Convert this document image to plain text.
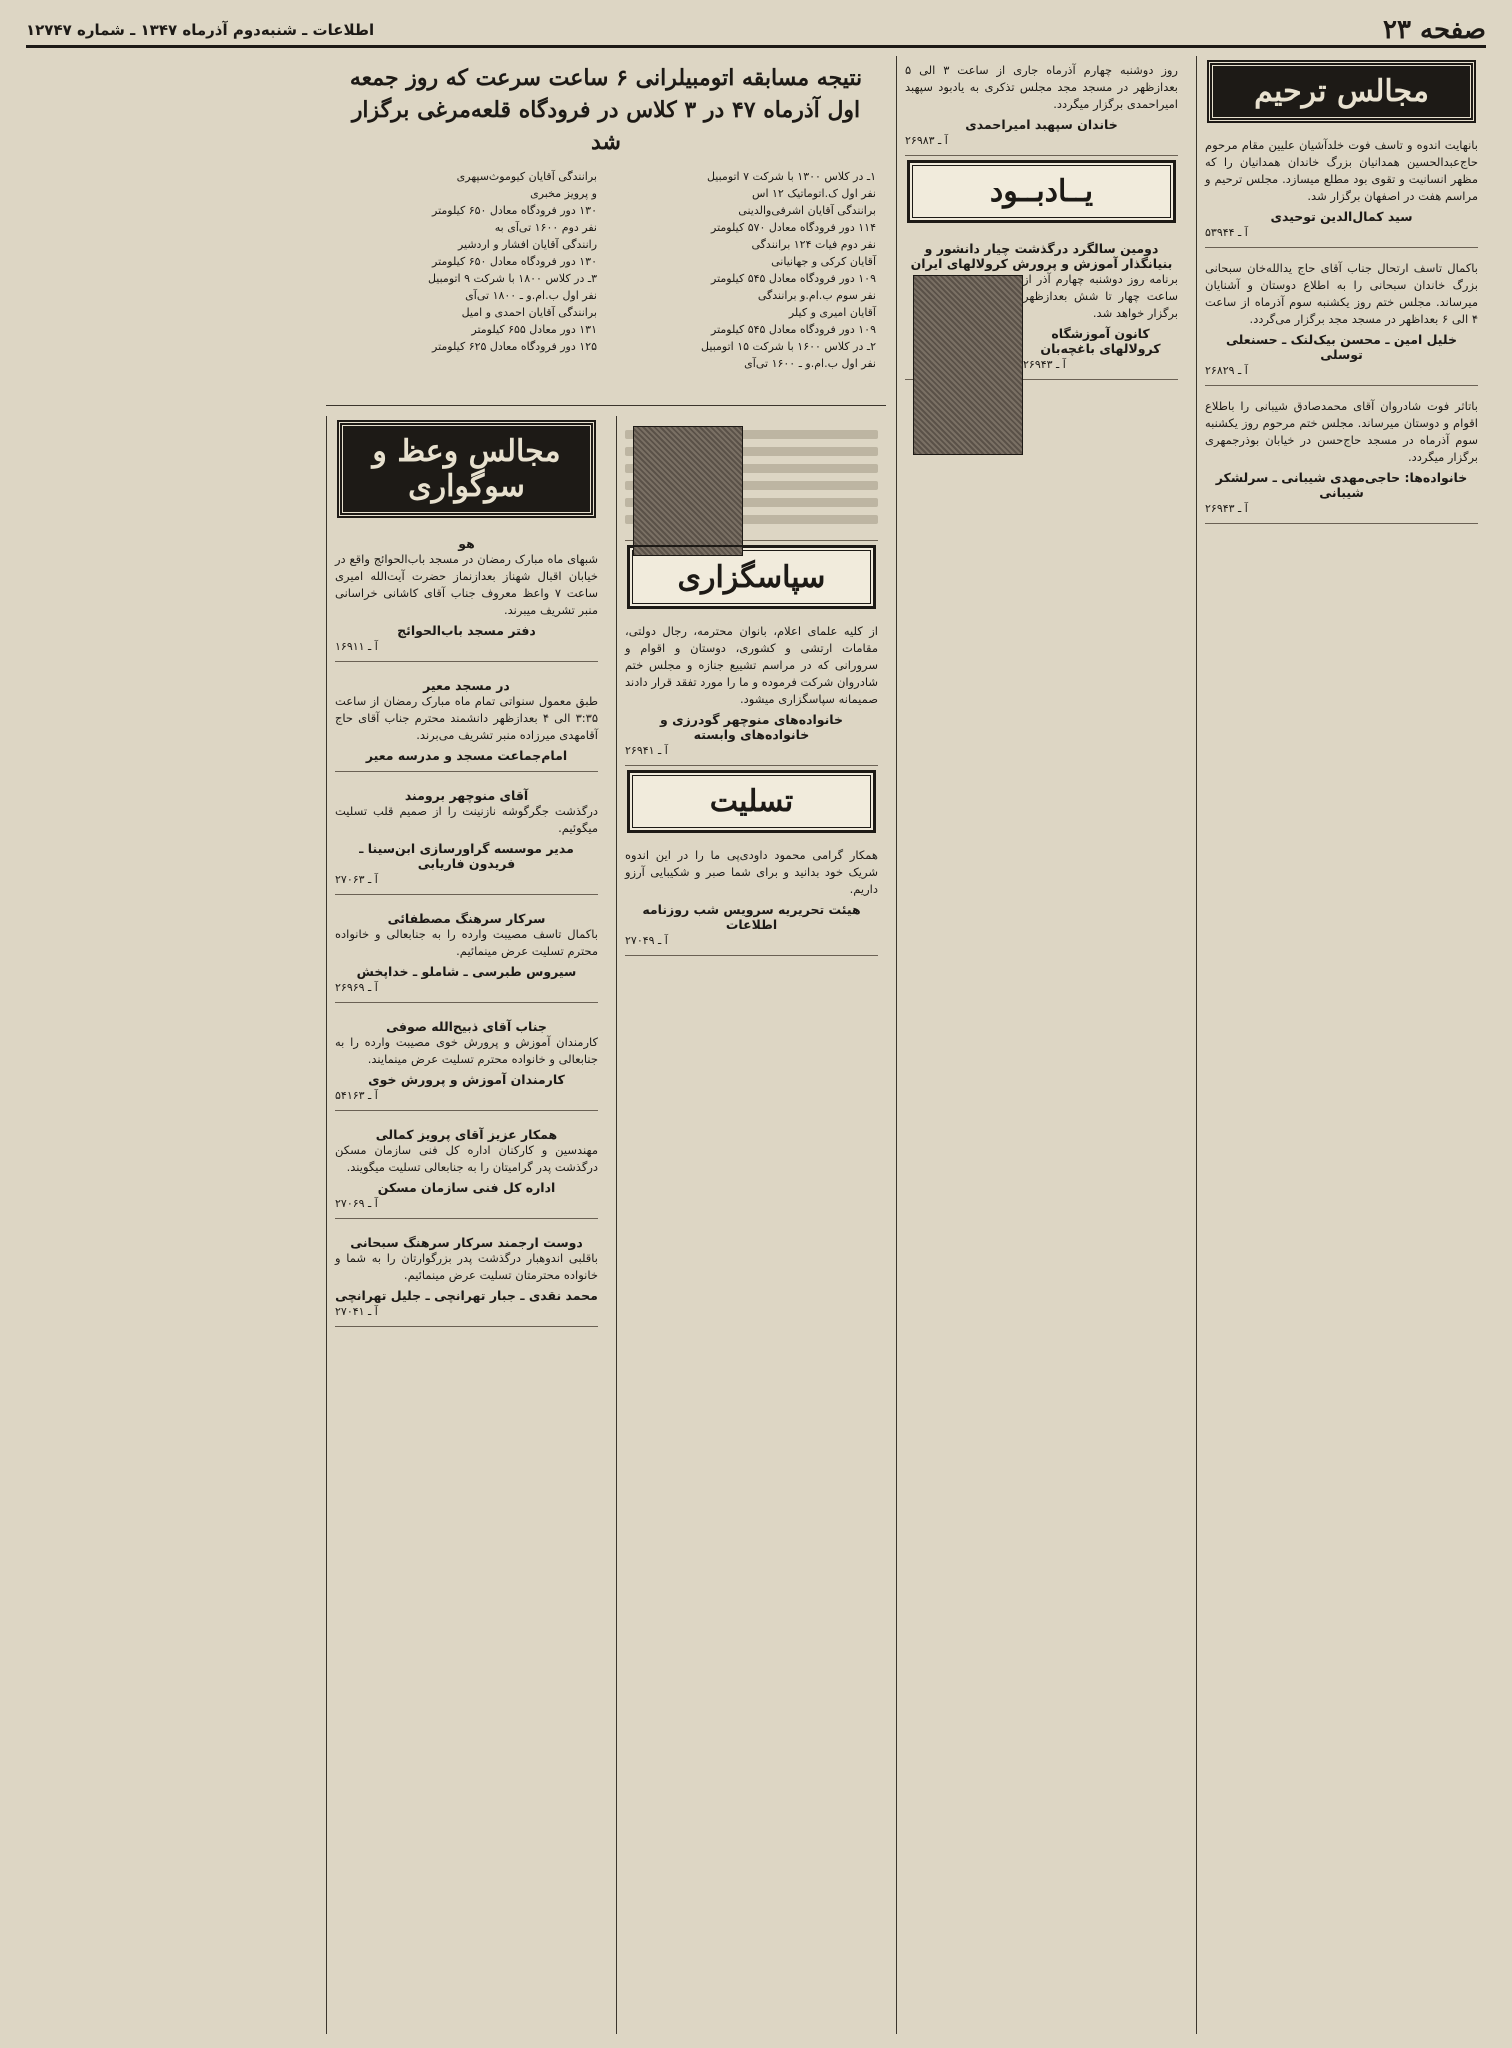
صفحه ۲۳
اطلاعات ـ شنبه‌دوم آذرماه ۱۳۴۷ ـ شماره ۱۲۷۴۷
مجالس ترحیم

بانهایت اندوه و تاسف فوت خلدآشیان علیین مقام مرحوم حاج‌عبدالحسین همدانیان بزرگ خاندان همدانیان را که مظهر انسانیت و تقوی بود مطلع میسازد. مجلس ترحیم و مراسم هفت در اصفهان برگزار شد.

سید کمال‌الدین توحیدی
آ ـ ۵۳۹۴۴

باکمال تاسف ارتحال جناب آقای حاج یدالله‌خان سبحانی بزرگ خاندان سبحانی را به اطلاع دوستان و آشنایان میرساند. مجلس ختم روز یکشنبه سوم آذرماه از ساعت ۴ الی ۶ بعداظهر در مسجد مجد برگزار می‌گردد.

خلیل امین ـ محسن بیک‌لنک ـ حسنعلی توسلی
آ ـ ۲۶۸۲۹

باتاثر فوت شادروان آقای محمدصادق شیبانی را باطلاع اقوام و دوستان میرساند. مجلس ختم مرحوم روز یکشنبه سوم آذرماه در مسجد حاج‌حسن در خیابان بوذرجمهری برگزار میگردد.

خانواده‌ها: حاجی‌مهدی شیبانی ـ سرلشکر شیبانی
آ ـ ۲۶۹۴۳

روز دوشنبه چهارم آذرماه جاری از ساعت ۳ الی ۵ بعدازظهر در مسجد مجد مجلس تذکری به یادبود سپهبد امیراحمدی برگزار میگردد.

خاندان سپهبد امیراحمدی
آ ـ ۲۶۹۸۳
یــادبــود
دومین سالگرد درگذشت چیار دانشور و بنیانگذار آموزش و پرورش کرولالهای ایران

برنامه روز دوشنبه چهارم آذر از ساعت چهار تا شش بعدازظهر برگزار خواهد شد.

کانون آموزشگاه کرولالهای باغچه‌بان
آ ـ ۲۶۹۴۳
نتیجه مسابقه اتومبیلرانی ۶ ساعت سرعت که روز جمعه اول آذرماه ۴۷ در ۳ کلاس در فرودگاه قلعه‌مرغی برگزار شد
۱ـ در کلاس ۱۳۰۰ با شرکت ۷ اتومبیل
نفر اول ک.اتوماتیک ۱۲ اس
برانندگی آقایان اشرفی‌والدینی
۱۱۴ دور فرودگاه معادل ۵۷۰ کیلومتر
نفر دوم فیات ۱۲۴ برانندگی
آقایان کرکی و جهانیانی
۱۰۹ دور فرودگاه معادل ۵۴۵ کیلومتر
نفر سوم ب.ام.و برانندگی
آقایان امیری و کیلر
۱۰۹ دور فرودگاه معادل ۵۴۵ کیلومتر
۲ـ در کلاس ۱۶۰۰ با شرکت ۱۵ اتومبیل
نفر اول ب.ام.و ـ ۱۶۰۰ تی‌آی
برانندگی آقایان کیوموث‌سپهری
و پرویز مخبری
۱۳۰ دور فرودگاه معادل ۶۵۰ کیلومتر
نفر دوم ۱۶۰۰ تی‌آی به
رانندگی آقایان افشار و اردشیر
۱۳۰ دور فرودگاه معادل ۶۵۰ کیلومتر
۳ـ در کلاس ۱۸۰۰ با شرکت ۹ اتومبیل
نفر اول ب.ام.و ـ ۱۸۰۰ تی‌آی
برانندگی آقایان احمدی و امیل
۱۳۱ دور معادل ۶۵۵ کیلومتر
۱۲۵ دور فرودگاه معادل ۶۲۵ کیلومتر
سپاسگزاری

از کلیه علمای اعلام، بانوان محترمه، رجال دولتی، مقامات ارتشی و کشوری، دوستان و اقوام و سرورانی که در مراسم تشییع جنازه و مجلس ختم شادروان شرکت فرموده و ما را مورد تفقد قرار دادند صمیمانه سپاسگزاری میشود.

خانواده‌های منوچهر گودرزی و خانواده‌های وابسته
آ ـ ۲۶۹۴۱
تسلیت

همکار گرامی محمود داودی‌پی ما را در این اندوه شریک خود بدانید و برای شما صبر و شکیبایی آرزو داریم.

هیئت تحریریه سرویس شب روزنامه اطلاعات
آ ـ ۲۷۰۴۹
مجالس وعظ و سوگواری
هو

شبهای ماه مبارک رمضان در مسجد باب‌الحوائج واقع در خیابان اقبال شهناز بعدازنماز حضرت آیت‌الله امیری ساعت ۷ واعظ معروف جناب آقای کاشانی خراسانی منبر تشریف میبرند.

دفتر مسجد باب‌الحوائج
آ ـ ۱۶۹۱۱
در مسجد معیر

طبق معمول سنواتی تمام ماه مبارک رمضان از ساعت ۳:۳۵ الی ۴ بعدازظهر دانشمند محترم جناب آقای حاج آقامهدی میرزاده منبر تشریف می‌برند.

امام‌جماعت مسجد و مدرسه معیر
آقای منوچهر برومند

درگذشت جگرگوشه نازنینت را از صمیم قلب تسلیت میگوئیم.

مدیر موسسه گراورسازی ابن‌سینا ـ فریدون فاریابی
آ ـ ۲۷۰۶۳
سرکار سرهنگ مصطفائی

باکمال تاسف مصیبت وارده را به جنابعالی و خانواده محترم تسلیت عرض مینمائیم.

سیروس طبرسی ـ شاملو ـ خداپخش
آ ـ ۲۶۹۶۹
جناب آقای ذبیح‌الله صوفی

کارمندان آموزش و پرورش خوی مصیبت وارده را به جنابعالی و خانواده محترم تسلیت عرض مینمایند.

کارمندان آموزش و پرورش خوی
آ ـ ۵۴۱۶۳
همکار عزیز آقای پرویز کمالی

مهندسین و کارکنان اداره کل فنی سازمان مسکن درگذشت پدر گرامیتان را به جنابعالی تسلیت میگویند.

اداره کل فنی سازمان مسکن
آ ـ ۲۷۰۶۹
دوست ارجمند سرکار سرهنگ سبحانی

باقلبی اندوهبار درگذشت پدر بزرگوارتان را به شما و خانواده محترمتان تسلیت عرض مینمائیم.

محمد نقدی ـ جبار تهرانچی ـ جلیل تهرانچی
آ ـ ۲۷۰۴۱
